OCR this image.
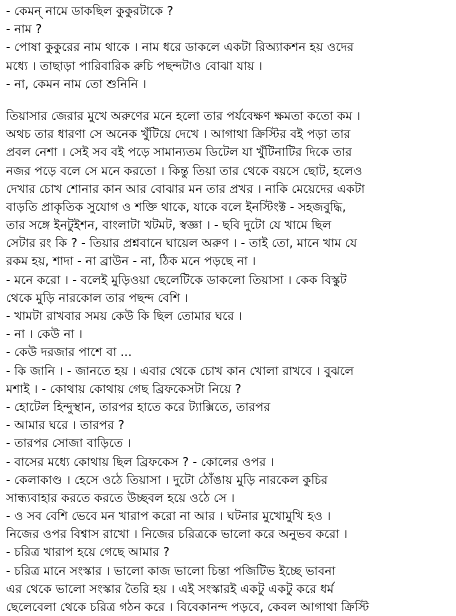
- কেমন্ নামে ডাকছিল কুকুরটাকে ?
- নাম ?
- পোষা কুকুরের নাম থাকে । নাম ধরে ডাকলে একটা রিঅ্যাকশন হয় ওদের
মধ্যে । তাছাড়া পারিবারিক রুচি পছন্দটাও বোঝা যায় ।
- না, কেমন নাম তো শুনিনি ।
তিয়াসার জেরার মুখে অরুণের মনে হলো তার পর্যবেক্ষণ ক্ষমতা কতো কম ।
অথচ তার ধারণা সে অনেক খুঁটিয়ে দেখে । আগাথা ক্রিস্টির বই পড়া তার
প্রবল নেশা । সেই সব বই পড়ে সামান্যতম ডিটেল যা খুঁটিনাটির দিকে তার
নজর পড়ে বলে সে মনে করতো । কিন্তু তিয়া তার থেকে বয়সে ছোট, হলেও
দেখার চোখ শোনার কান আর বোঝার মন তার প্রখর । নাকি মেয়েদের একটা
বাড়তি প্রাকৃতিক সুযোগ ও শক্তি থাকে, যাকে বলে ইনস্টিংক্ট - সহজবুদ্ধি,
তার সঙ্গে ইনটুইশন, বাংলাটা খটমট, স্বজ্ঞা । - ছবি দুটো যে খামে ছিল
সেটার রং কি ? - তিয়ার প্রশ্নবানে ঘায়েল অরুণ । - তাই তো, মানে খাম যে
রকম হয়, শাদা - না ব্রাউন - না, ঠিক মনে পড়ছে না ।
- মনে করো । - বলেই মুড়িওয়া ছেলেটিকে ডাকলো তিয়াসা । কেক বিস্কুট
থেকে মুড়ি নারকোল তার পছন্দ বেশি ।
- খামটা রাখবার সময় কেউ কি ছিল তোমার ঘরে ।
- না । কেউ না ।
- কেউ দরজার পাশে বা ...
- কি জানি । - জানতে হয় । এবার থেকে চোখ কান খোলা রাখবে । বুঝলে
মশাই । - কোথায় কোথায় গেছ ব্রিফকেসটা নিয়ে ?
- হোটেল হিন্দুস্থান, তারপর হাতে করে ট্যাক্সিতে, তারপর
- আমার ঘরে । তারপর ?
- তারপর সোজা বাড়িতে ।
- বাসের মধ্যে কোথায় ছিল ব্রিফকেস ? - কোলের ওপর ।
- কেলাকাণ্ড । হেসে ওঠে তিয়াসা । দুটো ঠোঁঙায় মুড়ি নারকেল কুচির
সান্ধ্যবাহার করতে করতে উচ্ছবল হয়ে ওঠে সে ।
- ও সব বেশি ভেবে মন খারাপ করো না আর । ঘটনার মুখোমুখি হও ।
নিজের ওপর বিশ্বাস রাখো । নিজের চরিত্রকে ভালো করে অনুভব করো ।
- চরিত্র খারাপ হয়ে গেছে আমার ?
- চরিত্র মানে সংস্কার । ভালো কাজ ভালো চিন্তা পজিটিভ ইচ্ছে ভাবনা
এর থেকে ভালো সংস্কার তৈরি হয় । এই সংস্কারই একটু একটু করে ধর্ম
ছেলেবেলা থেকে চরিত্র গঠন করে । বিবেকানন্দ পড়বে, কেবল আগাথা ক্রিস্টি
